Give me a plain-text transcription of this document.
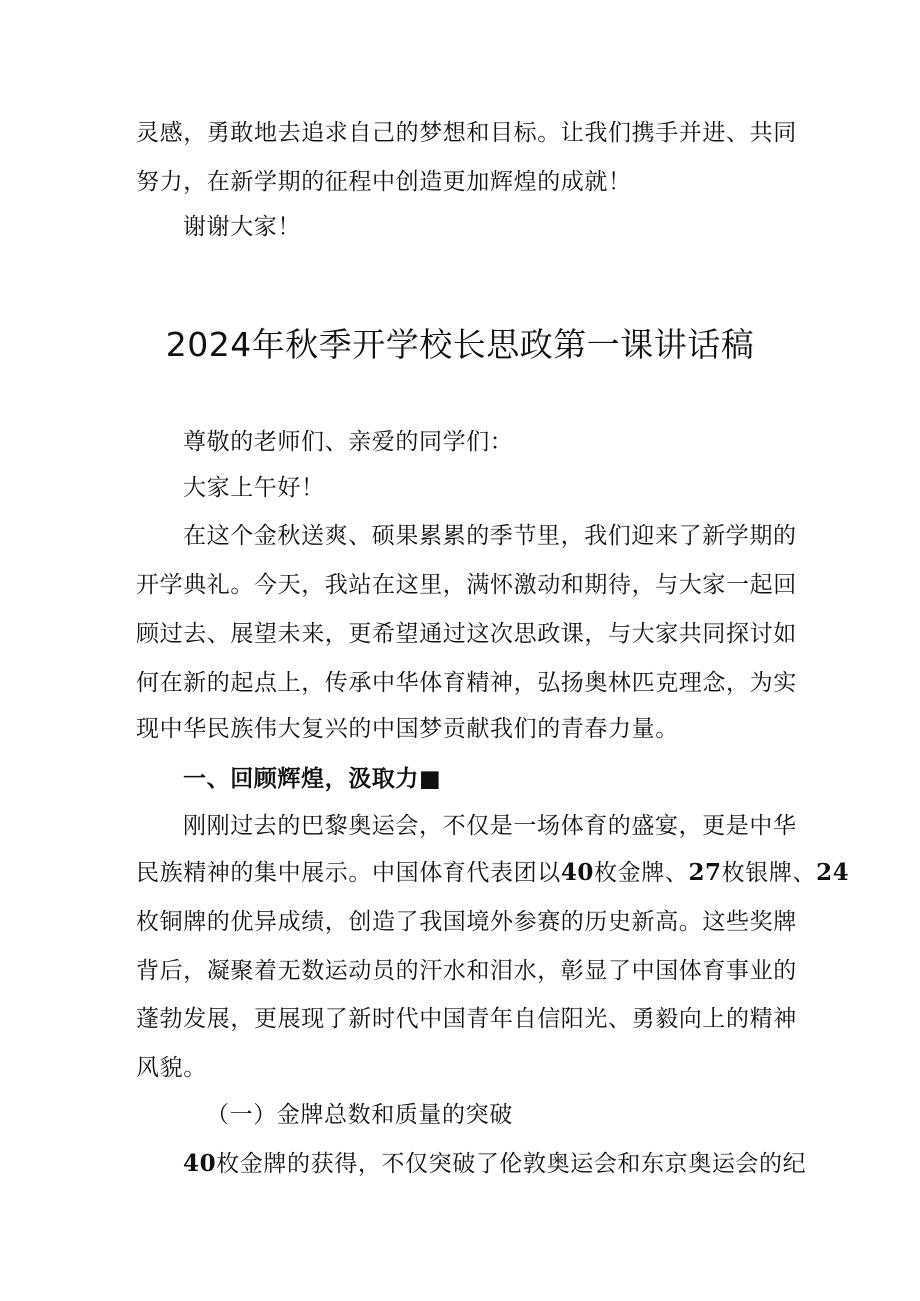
灵感，勇敢地去追求自己的梦想和目标。让我们携手并进、共同
努力，在新学期的征程中创造更加辉煌的成就！
谢谢大家！
2024年秋季开学校长思政第一课讲话稿
尊敬的老师们、亲爱的同学们：
大家上午好！
在这个金秋送爽、硕果累累的季节里，我们迎来了新学期的
开学典礼。今天，我站在这里，满怀激动和期待，与大家一起回
顾过去、展望未来，更希望通过这次思政课，与大家共同探讨如
何在新的起点上，传承中华体育精神，弘扬奥林匹克理念，为实
现中华民族伟大复兴的中国梦贡献我们的青春力量。
一、回顾辉煌，汲取力■
刚刚过去的巴黎奥运会，不仅是一场体育的盛宴，更是中华
民族精神的集中展示。中国体育代表团以40枚金牌、27枚银牌、24
枚铜牌的优异成绩，创造了我国境外参赛的历史新高。这些奖牌
背后，凝聚着无数运动员的汗水和泪水，彰显了中国体育事业的
蓬勃发展，更展现了新时代中国青年自信阳光、勇毅向上的精神
风貌。
（一）金牌总数和质量的突破
40枚金牌的获得，不仅突破了伦敦奥运会和东京奥运会的纪
